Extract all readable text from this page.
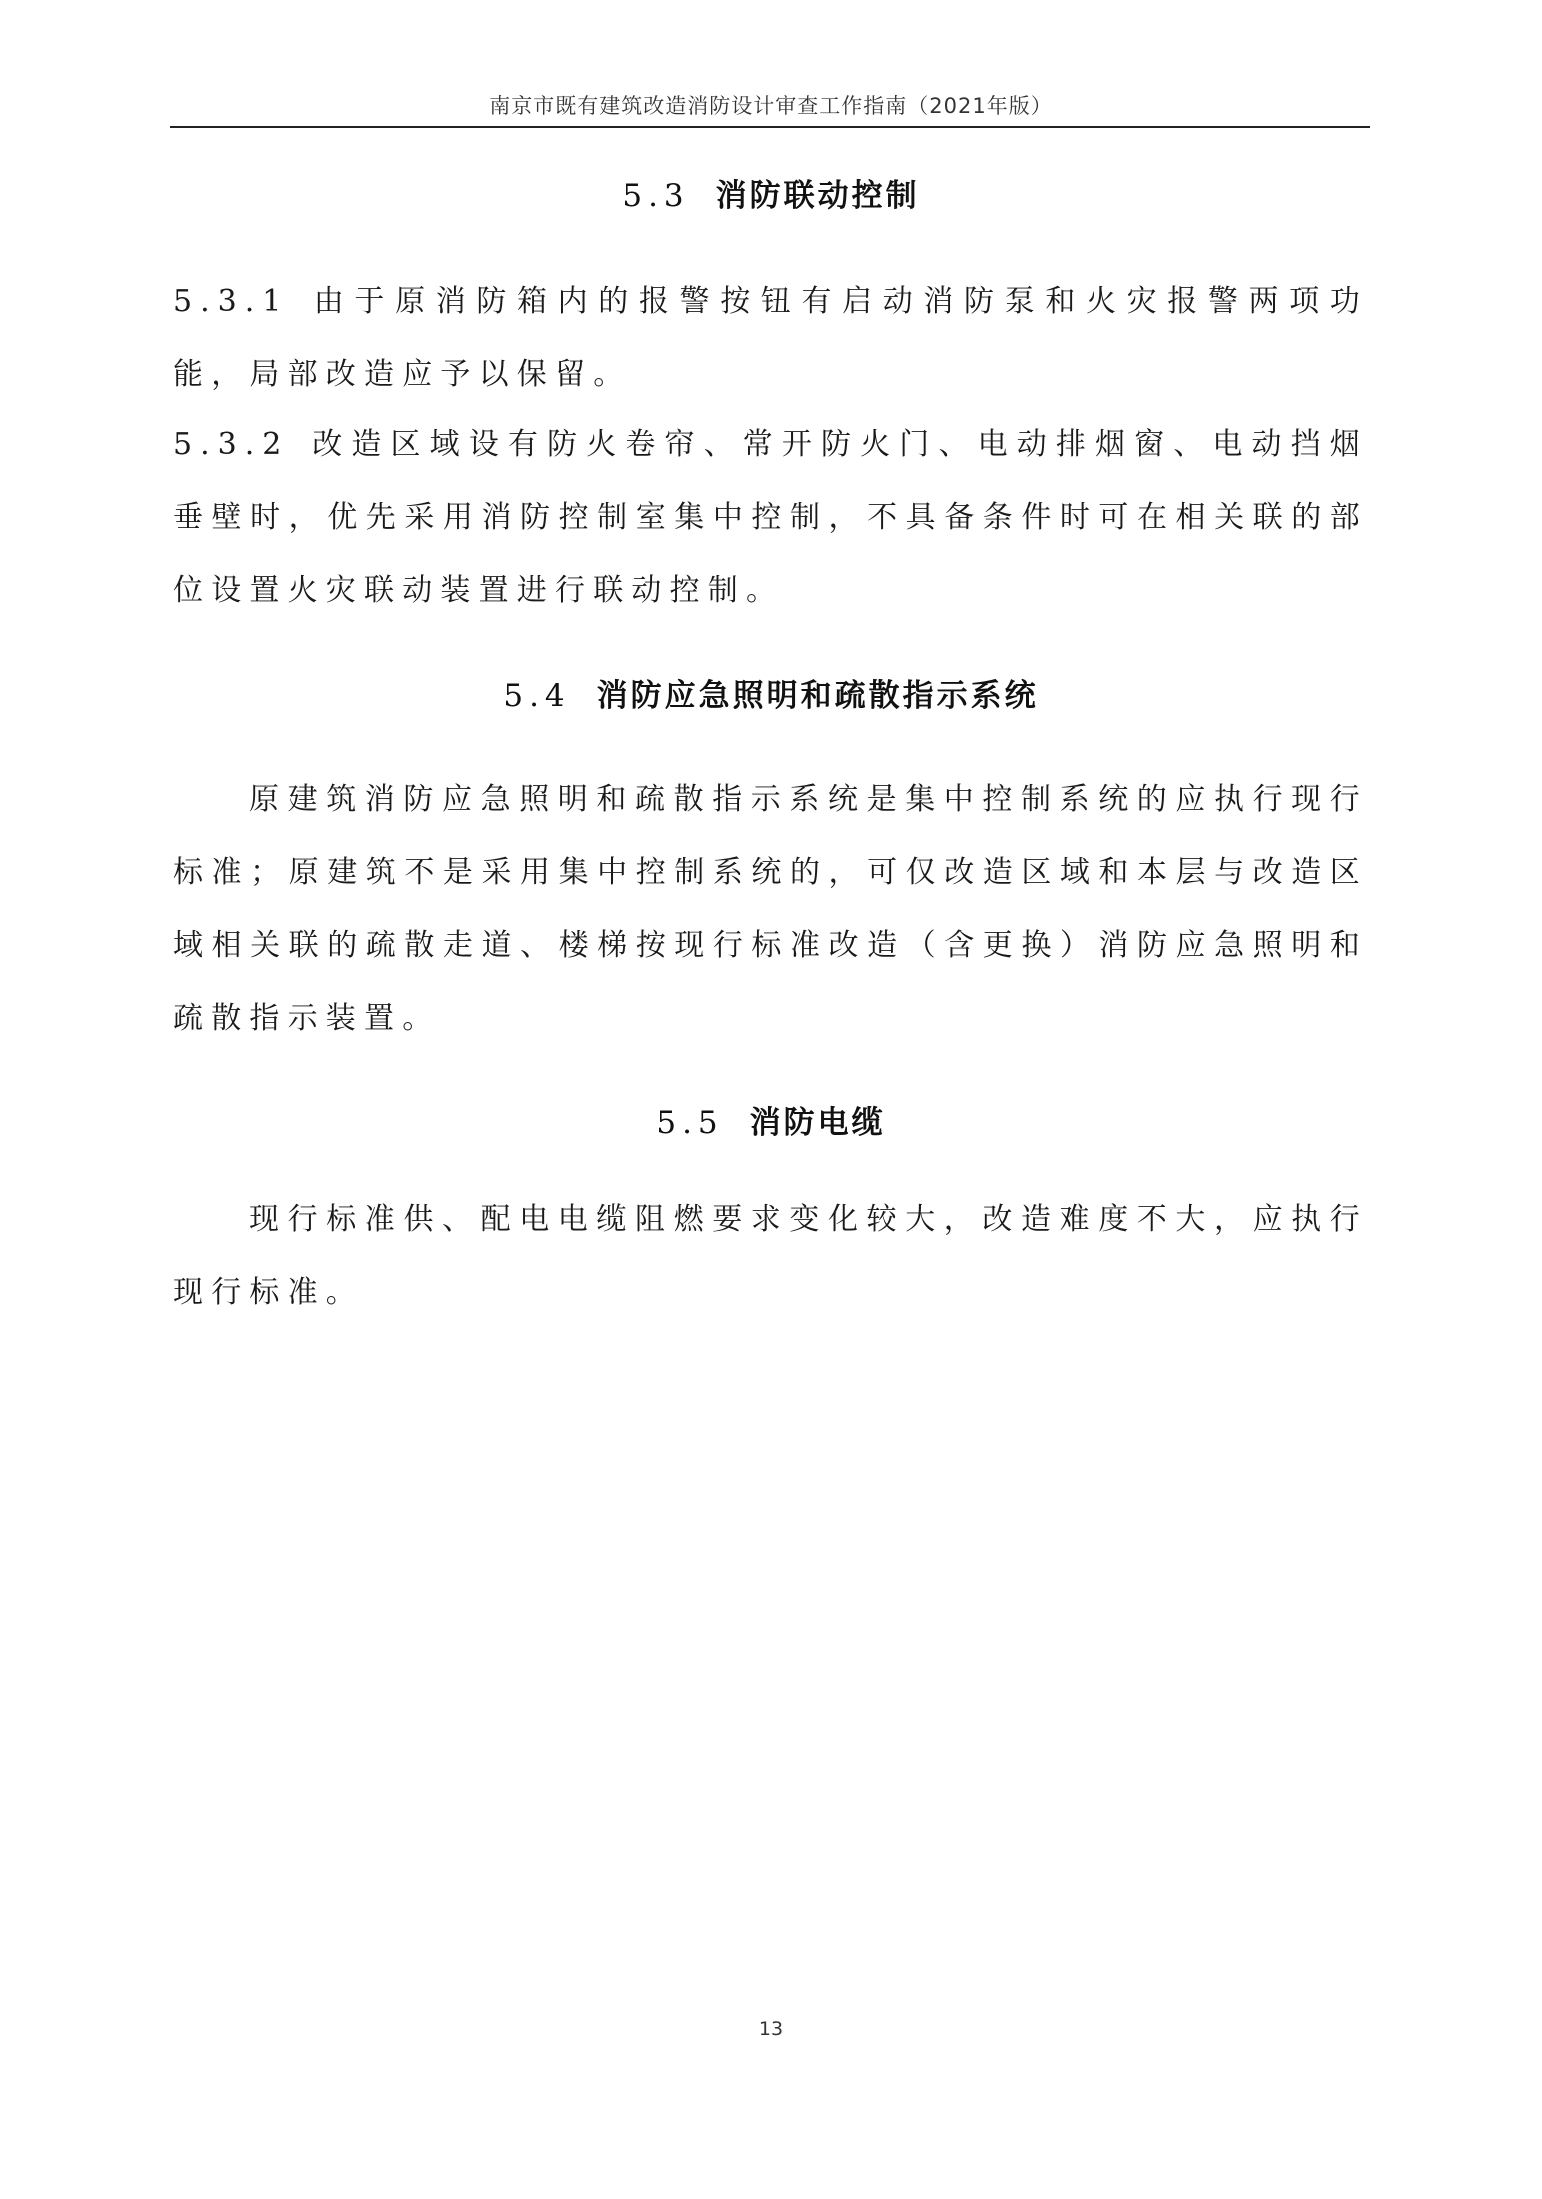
南京市既有建筑改造消防设计审查工作指南（2021年版）
5.3 消防联动控制

5.3.1 由于原消防箱内的报警按钮有启动消防泵和火灾报警两项功能，局部改造应予以保留。

5.3.2 改造区域设有防火卷帘、常开防火门、电动排烟窗、电动挡烟垂壁时，优先采用消防控制室集中控制，不具备条件时可在相关联的部位设置火灾联动装置进行联动控制。

5.4 消防应急照明和疏散指示系统

原建筑消防应急照明和疏散指示系统是集中控制系统的应执行现行标准；原建筑不是采用集中控制系统的，可仅改造区域和本层与改造区域相关联的疏散走道、楼梯按现行标准改造（含更换）消防应急照明和疏散指示装置。

5.5 消防电缆

现行标准供、配电电缆阻燃要求变化较大，改造难度不大，应执行现行标准。

13
